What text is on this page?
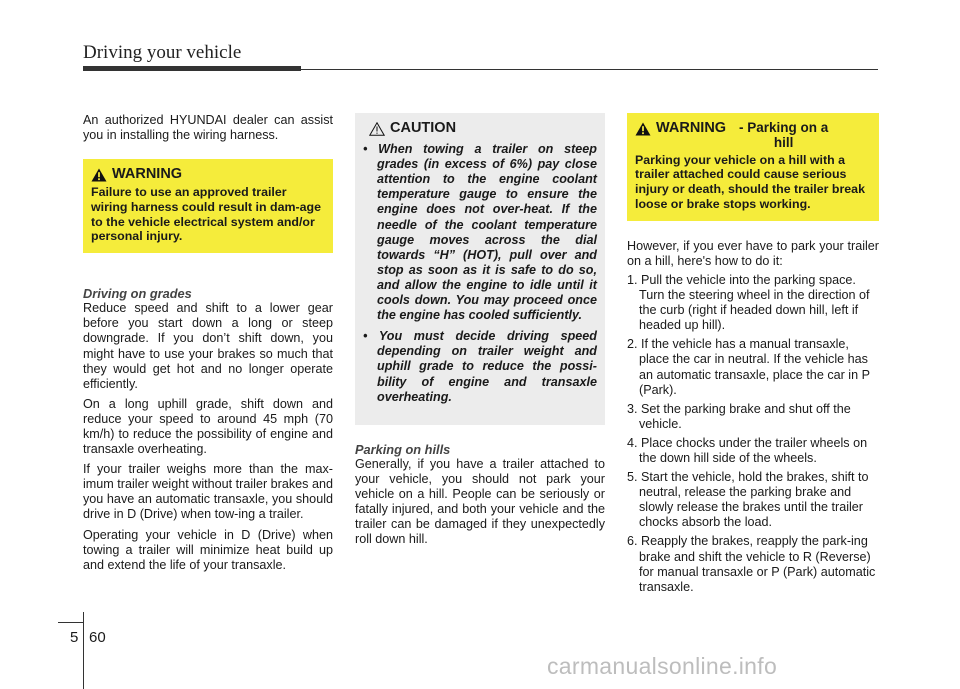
Driving your vehicle

An authorized HYUNDAI dealer can assist you in installing the wiring harness.

WARNING
Failure to use an approved trailer wiring harness could result in dam-age to the vehicle electrical system and/or personal injury.

Driving on grades

Reduce speed and shift to a lower gear before you start down a long or steep downgrade. If you don’t shift down, you might have to use your brakes so much that they would get hot and no longer operate efficiently.

On a long uphill grade, shift down and reduce your speed to around 45 mph (70 km/h) to reduce the possibility of engine and transaxle overheating.

If your trailer weighs more than the max-imum trailer weight without trailer brakes and you have an automatic transaxle, you should drive in D (Drive) when tow-ing a trailer.

Operating your vehicle in D (Drive) when towing a trailer will minimize heat build up and extend the life of your transaxle.

CAUTION
• When towing a trailer on steep grades (in excess of 6%) pay close attention to the engine coolant temperature gauge to ensure the engine does not over-heat. If the needle of the coolant temperature gauge moves across the dial towards “H” (HOT), pull over and stop as soon as it is safe to do so, and allow the engine to idle until it cools down. You may proceed once the engine has cooled sufficiently.
• You must decide driving speed depending on trailer weight and uphill grade to reduce the possi-bility of engine and transaxle overheating.

Parking on hills

Generally, if you have a trailer attached to your vehicle, you should not park your vehicle on a hill. People can be seriously or fatally injured, and both your vehicle and the trailer can be damaged if they unexpectedly roll down hill.

WARNING - Parking on a hill
Parking your vehicle on a hill with a trailer attached could cause serious injury or death, should the trailer break loose or brake stops working.

However, if you ever have to park your trailer on a hill, here's how to do it:

1. Pull the vehicle into the parking space. Turn the steering wheel in the direction of the curb (right if headed down hill, left if headed up hill).
2. If the vehicle has a manual transaxle, place the car in neutral. If the vehicle has an automatic transaxle, place the car in P (Park).
3. Set the parking brake and shut off the vehicle.
4. Place chocks under the trailer wheels on the down hill side of the wheels.
5. Start the vehicle, hold the brakes, shift to neutral, release the parking brake and slowly release the brakes until the trailer chocks absorb the load.
6. Reapply the brakes, reapply the park-ing brake and shift the vehicle to R (Reverse) for manual transaxle or P (Park) automatic transaxle.
5 60
carmanualsonline.info
